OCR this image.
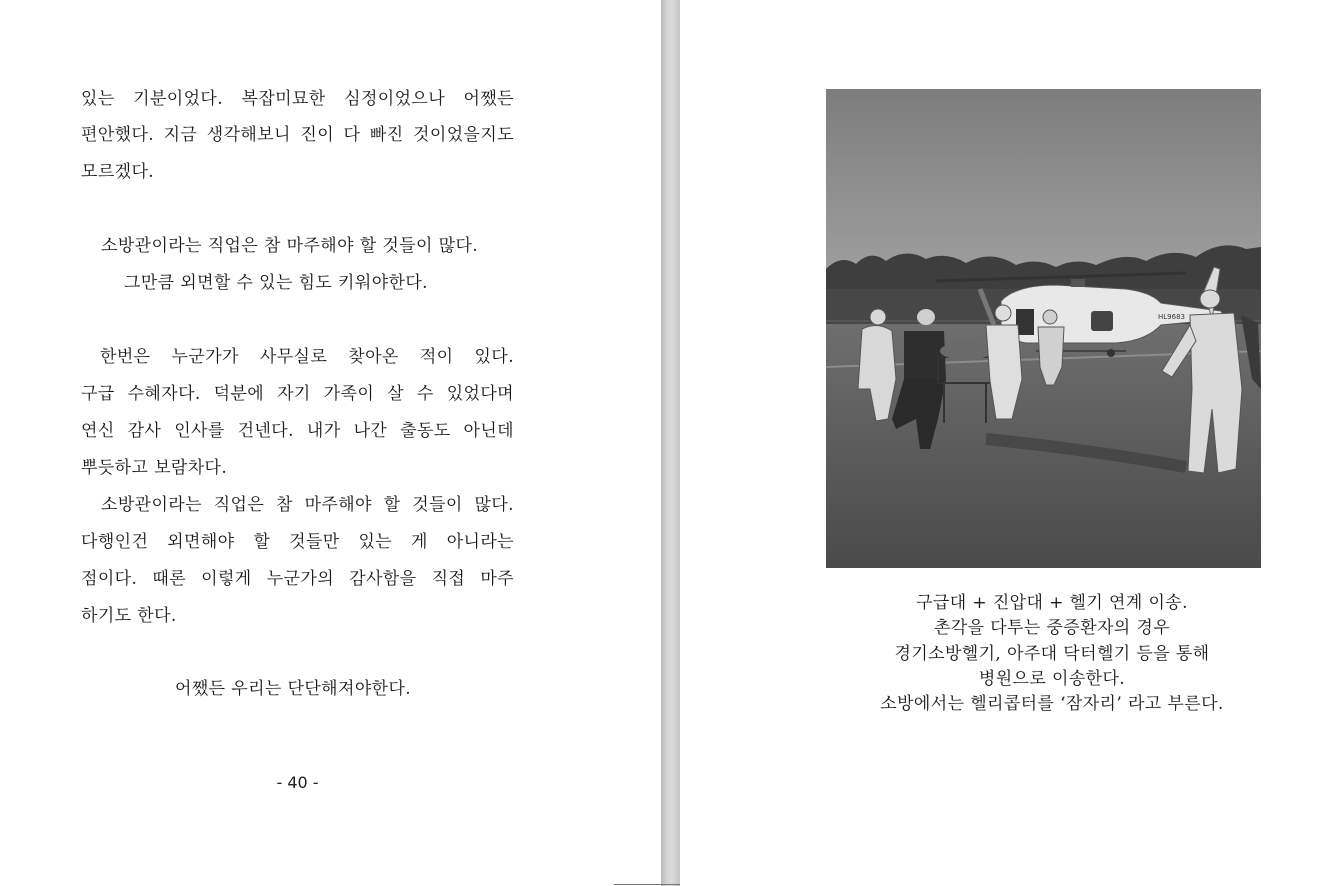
있는 기분이었다. 복잡미묘한 심정이었으나 어쨌든
편안했다. 지금 생각해보니 진이 다 빠진 것이었을지도
모르겠다.
소방관이라는 직업은 참 마주해야 할 것들이 많다.
그만큼 외면할 수 있는 힘도 키워야한다.
한번은 누군가가 사무실로 찾아온 적이 있다.
구급 수혜자다. 덕분에 자기 가족이 살 수 있었다며
연신 감사 인사를 건넨다. 내가 나간 출동도 아닌데
뿌듯하고 보람차다.
소방관이라는 직업은 참 마주해야 할 것들이 많다.
다행인건 외면해야 할 것들만 있는 게 아니라는
점이다. 때론 이렇게 누군가의 감사함을 직접 마주
하기도 한다.
어쨌든 우리는 단단해져야한다.
- 40 -
HL9683
구급대 + 진압대 + 헬기 연계 이송.
촌각을 다투는 중증환자의 경우
경기소방헬기, 아주대 닥터헬기 등을 통해
병원으로 이송한다.
소방에서는 헬리콥터를 ‘잠자리’ 라고 부른다.
